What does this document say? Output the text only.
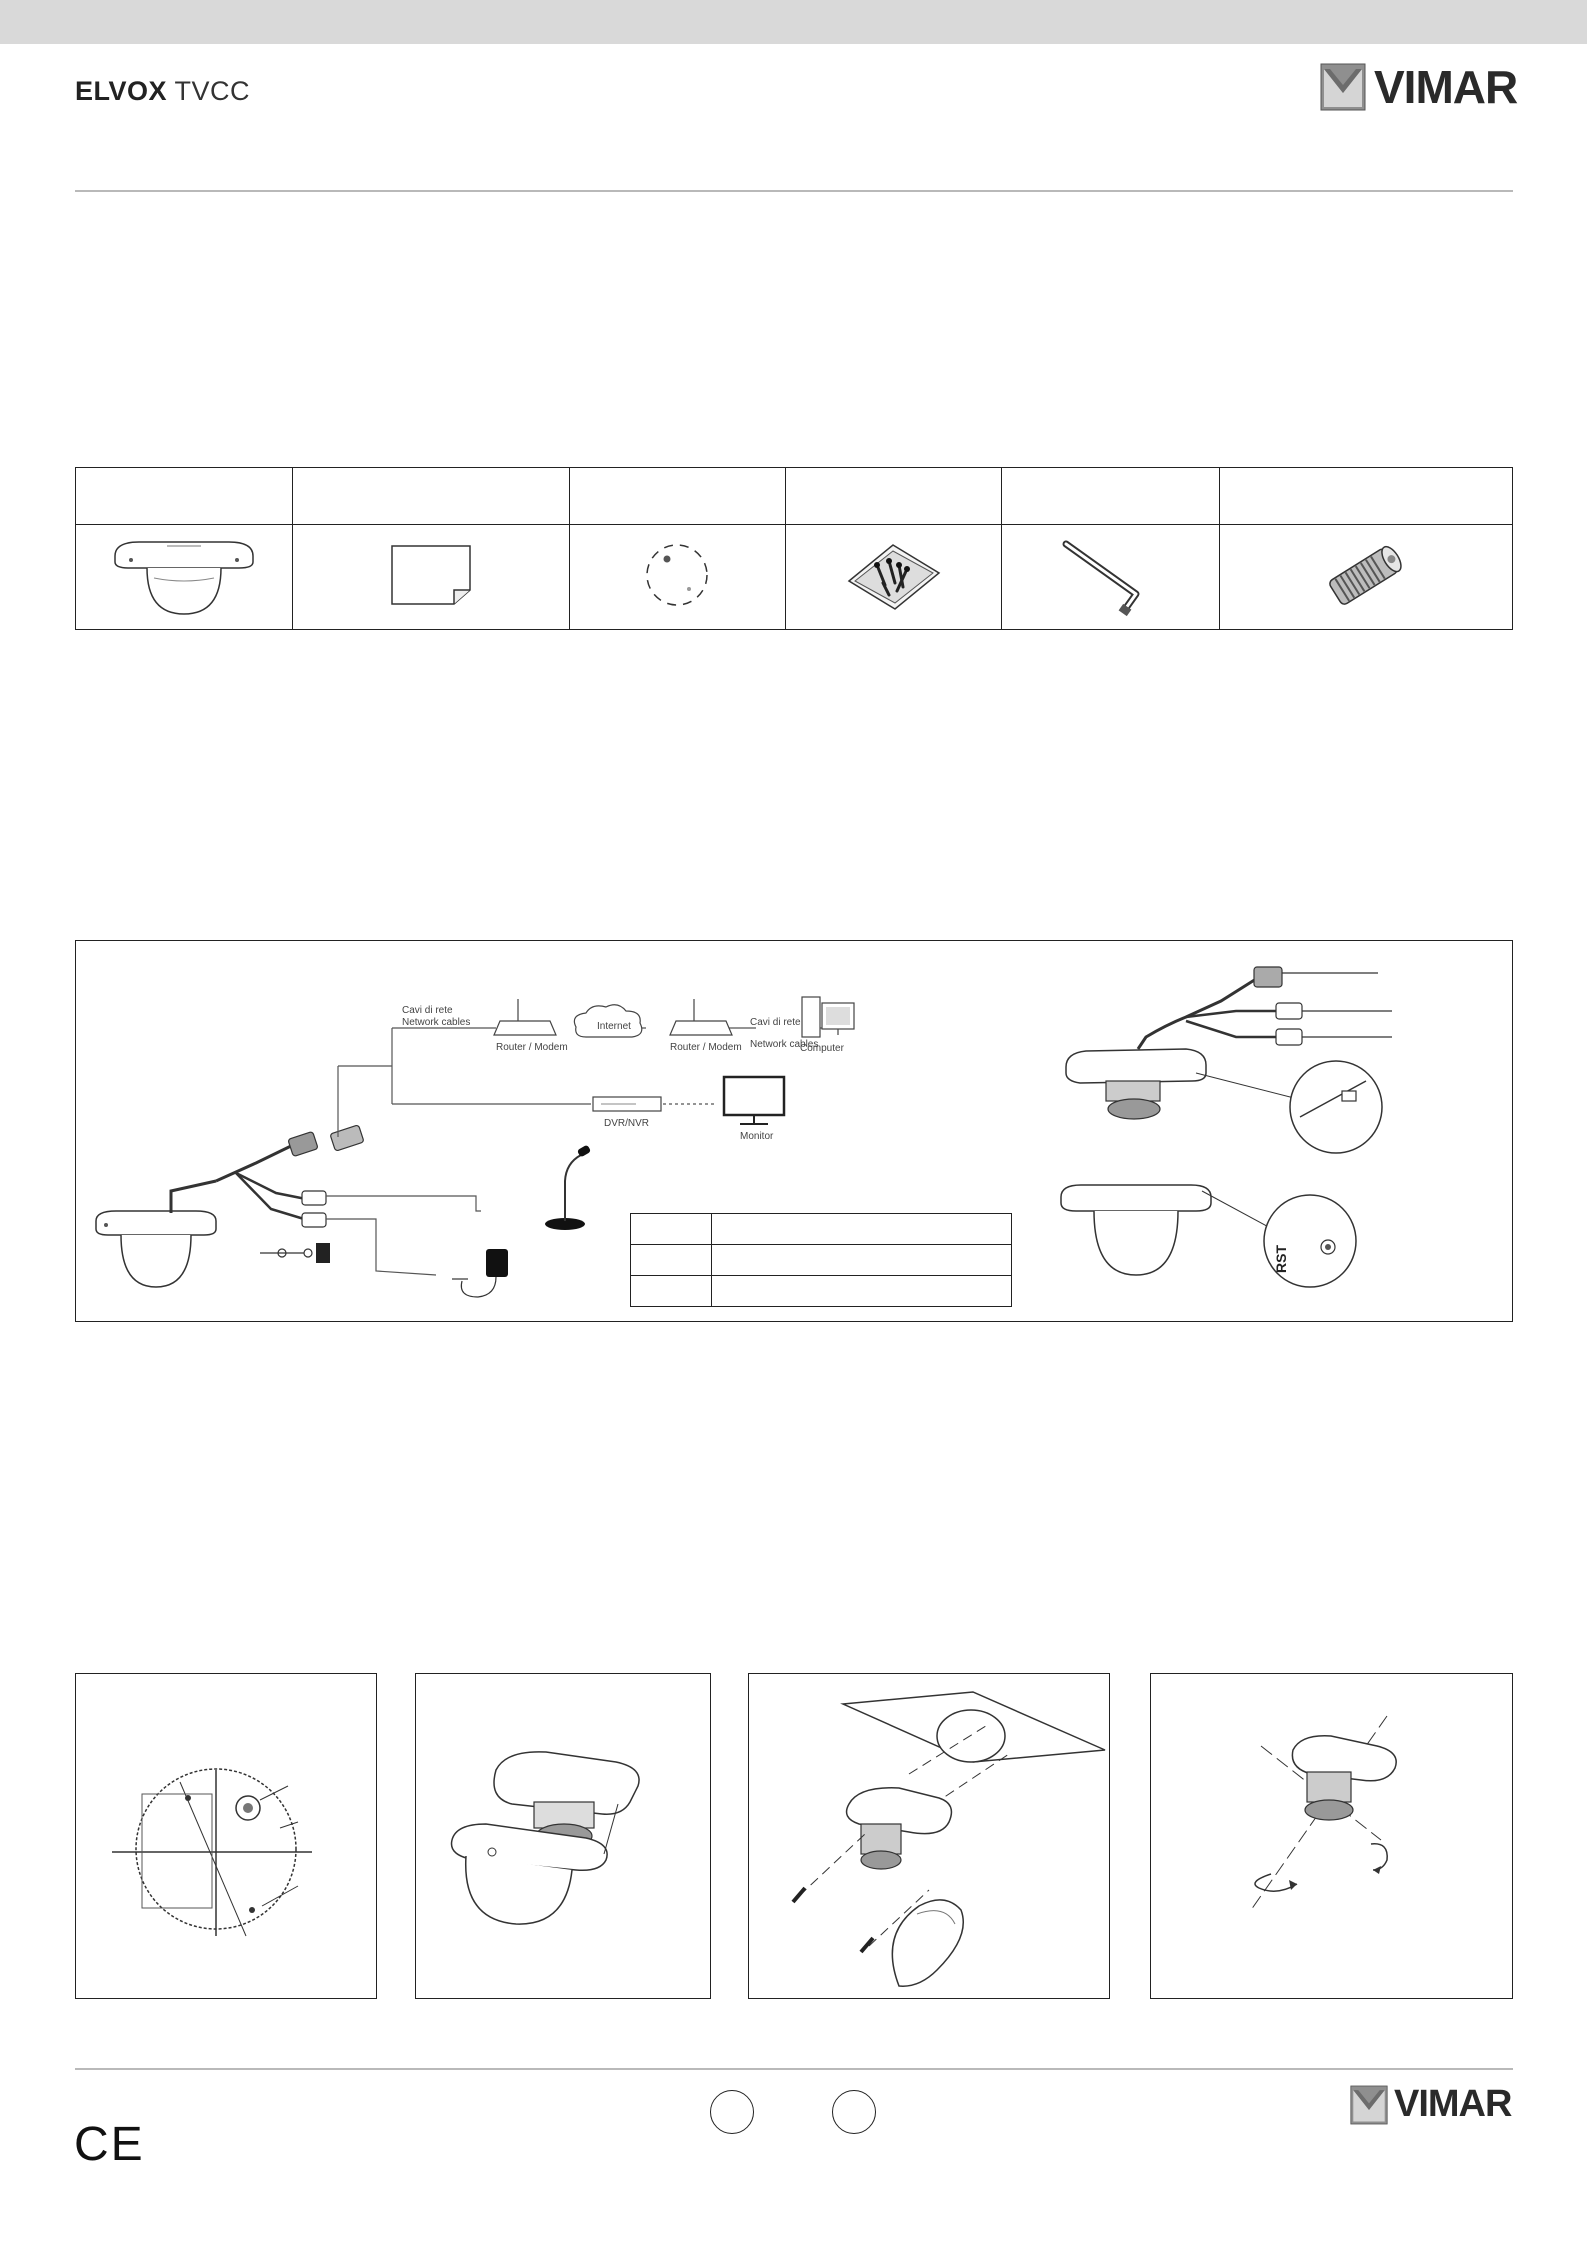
ELVOX TVCC	VIMAR

Cavi di rete
Network cables
Router / Modem
Internet
Router / Modem
Cavi di rete
Network cables
Computer
DVR/NVR
Monitor
RST

CE
VIMAR
